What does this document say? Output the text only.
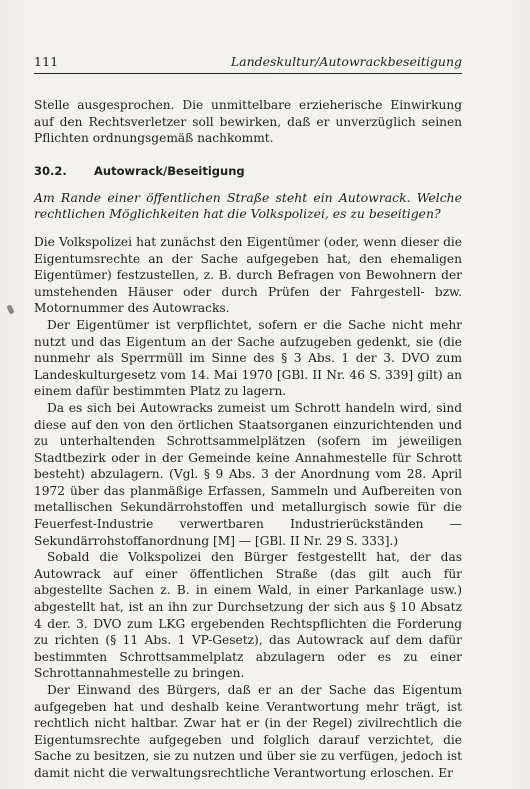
111	Landeskultur/Autowrackbeseitigung

Stelle ausgesprochen. Die unmittelbare erzieherische Einwirkung auf den Rechtsverletzer soll bewirken, daß er unverzüglich seinen Pflichten ordnungsgemäß nachkommt.

30.2. Autowrack/Beseitigung

Am Rande einer öffentlichen Straße steht ein Autowrack. Welche rechtlichen Möglichkeiten hat die Volkspolizei, es zu beseitigen?

Die Volkspolizei hat zunächst den Eigentümer (oder, wenn dieser die Eigentumsrechte an der Sache aufgegeben hat, den ehemaligen Eigentümer) festzustellen, z. B. durch Befragen von Bewohnern der umstehenden Häuser oder durch Prüfen der Fahrgestell- bzw. Motornummer des Autowracks.

Der Eigentümer ist verpflichtet, sofern er die Sache nicht mehr nutzt und das Eigentum an der Sache aufzugeben gedenkt, sie (die nunmehr als Sperrmüll im Sinne des § 3 Abs. 1 der 3. DVO zum Landeskulturgesetz vom 14. Mai 1970 [GBl. II Nr. 46 S. 339] gilt) an einem dafür bestimmten Platz zu lagern.

Da es sich bei Autowracks zumeist um Schrott handeln wird, sind diese auf den von den örtlichen Staatsorganen einzurichtenden und zu unterhaltenden Schrottsammelplätzen (sofern im jeweiligen Stadtbezirk oder in der Gemeinde keine Annahmestelle für Schrott besteht) abzulagern. (Vgl. § 9 Abs. 3 der Anordnung vom 28. April 1972 über das planmäßige Erfassen, Sammeln und Aufbereiten von metallischen Sekundärrohstoffen und metallurgisch sowie für die Feuerfest-Industrie verwertbaren Industrierückständen — Sekundärrohstoffanordnung [M] — [GBl. II Nr. 29 S. 333].)

Sobald die Volkspolizei den Bürger festgestellt hat, der das Autowrack auf einer öffentlichen Straße (das gilt auch für abgestellte Sachen z. B. in einem Wald, in einer Parkanlage usw.) abgestellt hat, ist an ihn zur Durchsetzung der sich aus § 10 Absatz 4 der. 3. DVO zum LKG ergebenden Rechtspflichten die Forderung zu richten (§ 11 Abs. 1 VP-Gesetz), das Autowrack auf dem dafür bestimmten Schrottsammelplatz abzulagern oder es zu einer Schrottannahmestelle zu bringen.

Der Einwand des Bürgers, daß er an der Sache das Eigentum aufgegeben hat und deshalb keine Verantwortung mehr trägt, ist rechtlich nicht haltbar. Zwar hat er (in der Regel) zivilrechtlich die Eigentumsrechte aufgegeben und folglich darauf verzichtet, die Sache zu besitzen, sie zu nutzen und über sie zu verfügen, jedoch ist damit nicht die verwaltungsrechtliche Verantwortung erloschen. Er
